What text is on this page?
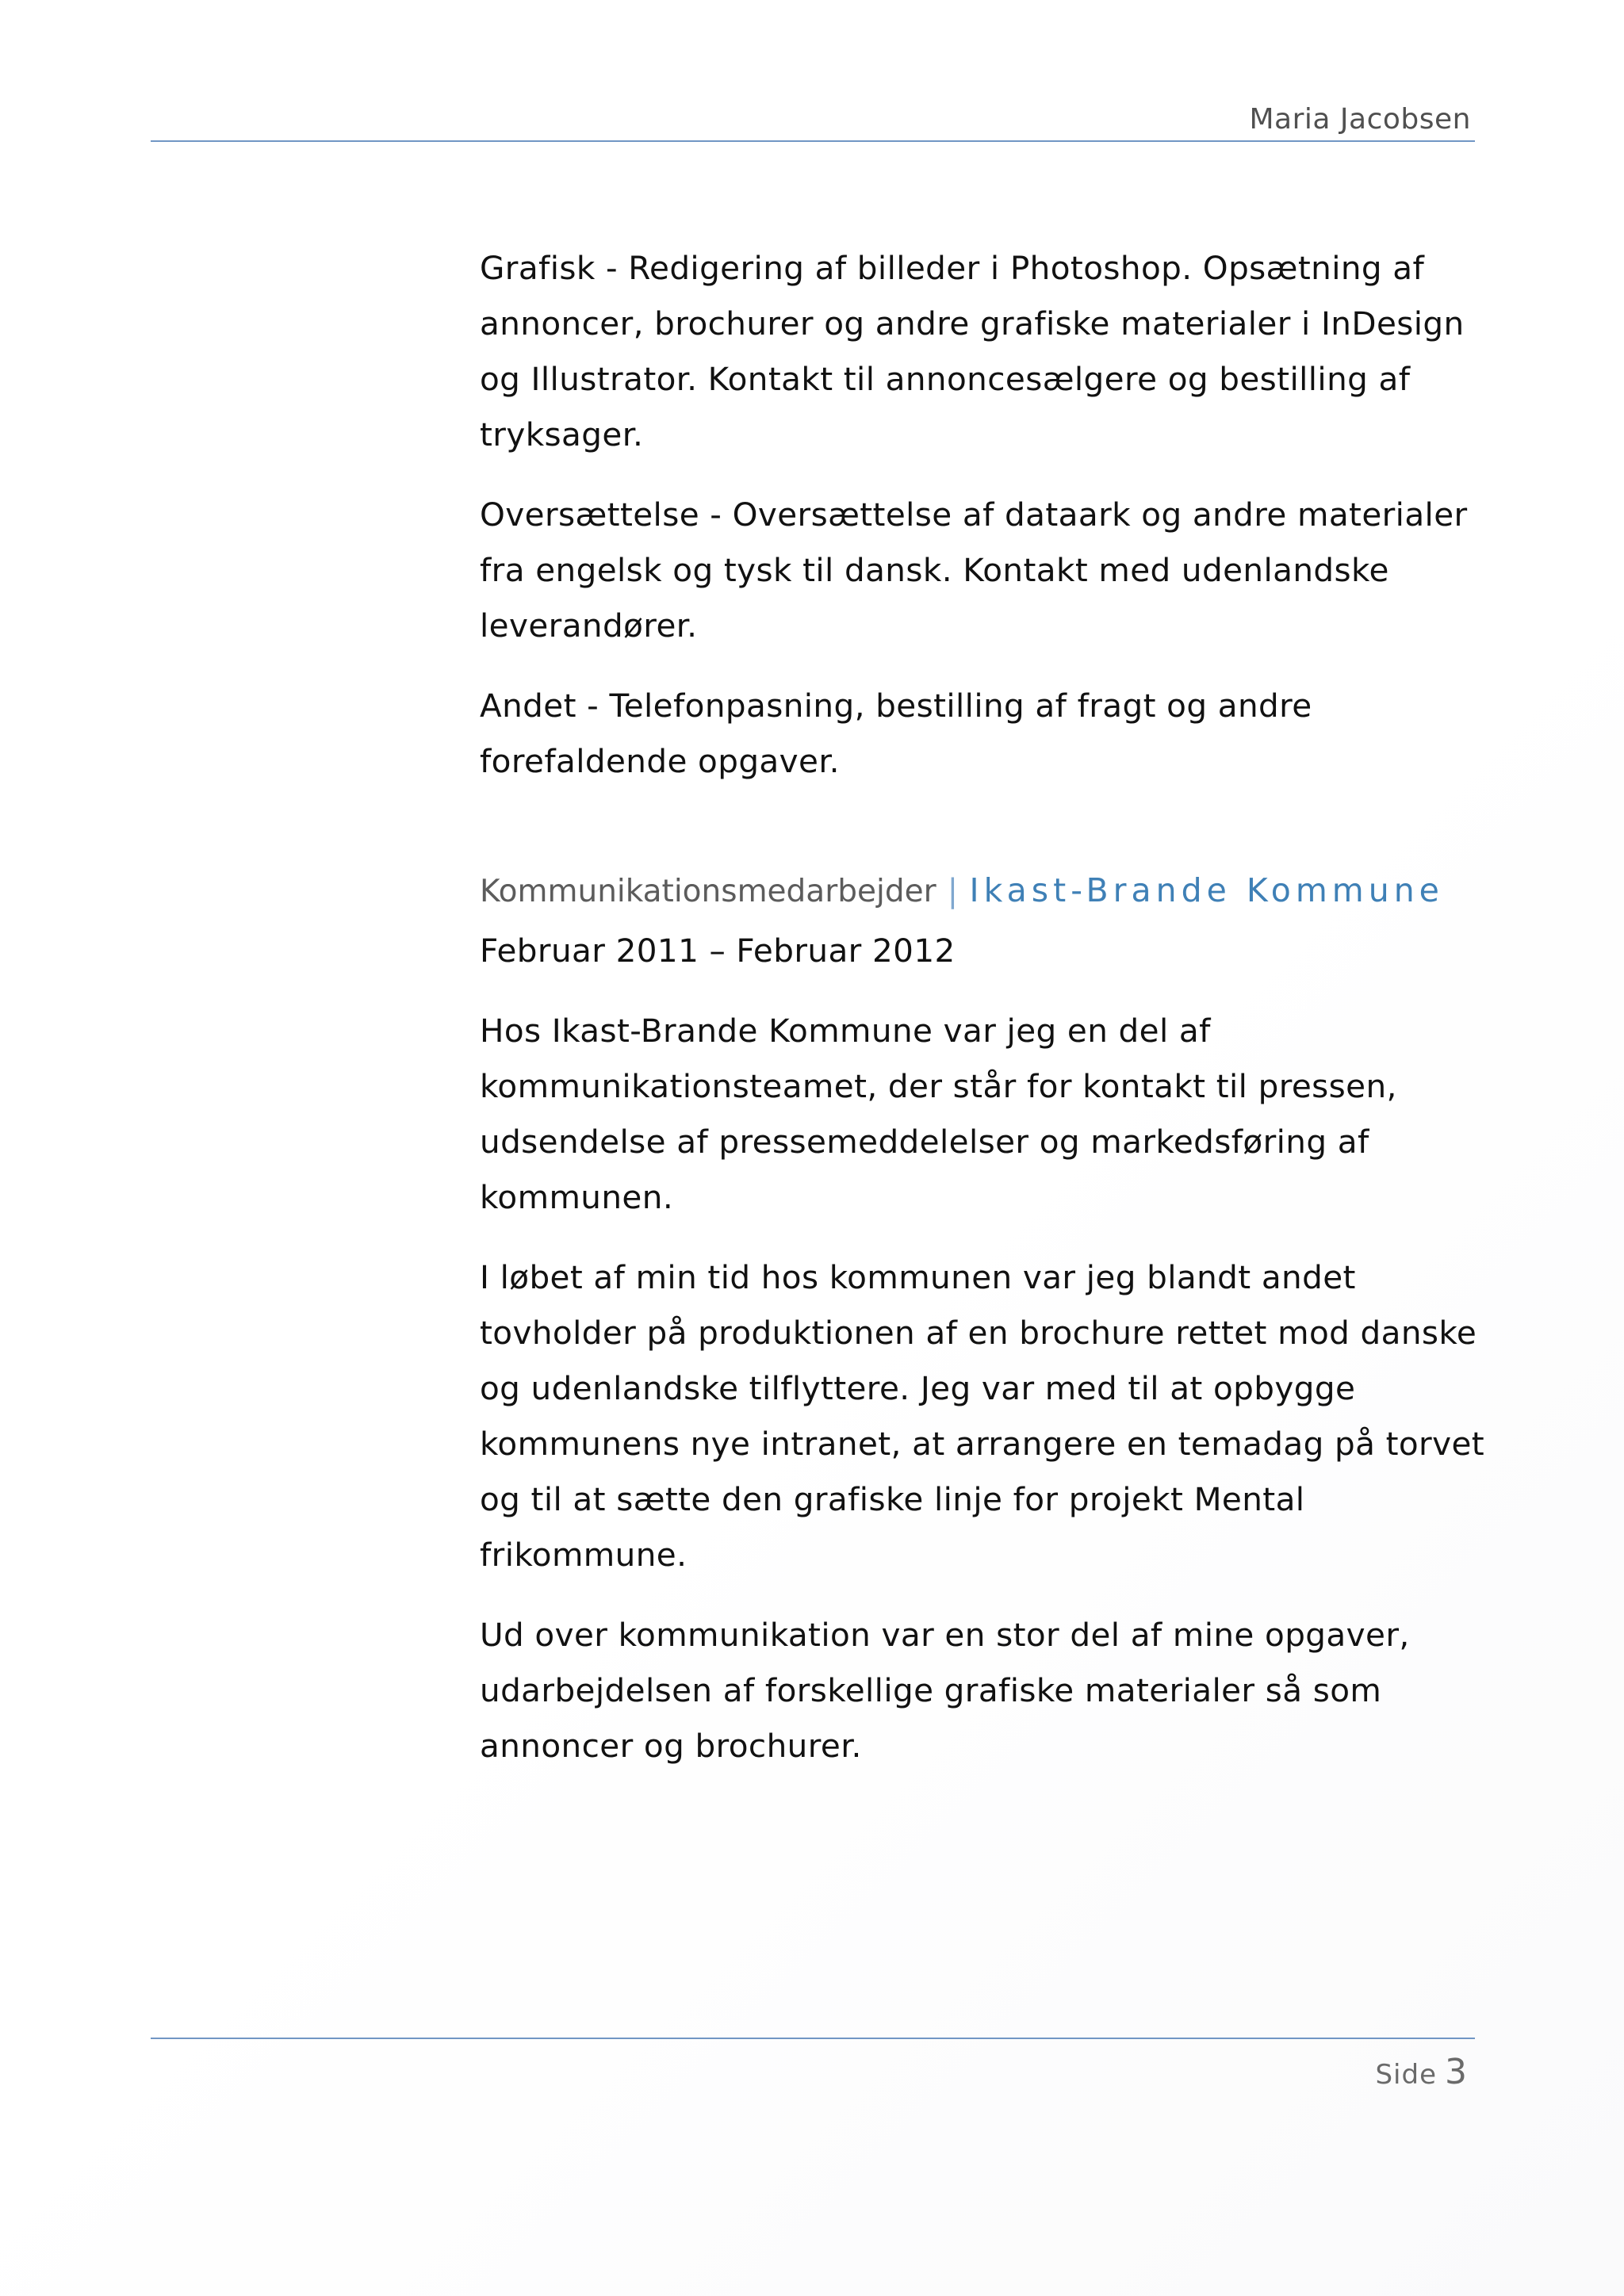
Maria Jacobsen

Grafisk - Redigering af billeder i Photoshop. Opsætning af annoncer, brochurer og andre grafiske materialer i InDesign og Illustrator. Kontakt til annoncesælgere og bestilling af tryksager.

Oversættelse - Oversættelse af dataark og andre materialer fra engelsk og tysk til dansk. Kontakt med udenlandske leverandører.

Andet - Telefonpasning, bestilling af fragt og andre forefaldende opgaver.

Kommunikationsmedarbejder | Ikast-Brande Kommune
Februar 2011 – Februar 2012

Hos Ikast-Brande Kommune var jeg en del af kommunikationsteamet, der står for kontakt til pressen, udsendelse af pressemeddelelser og markedsføring af kommunen.

I løbet af min tid hos kommunen var jeg blandt andet tovholder på produktionen af en brochure rettet mod danske og udenlandske tilflyttere. Jeg var med til at opbygge kommunens nye intranet, at arrangere en temadag på torvet og til at sætte den grafiske linje for projekt Mental frikommune.

Ud over kommunikation var en stor del af mine opgaver, udarbejdelsen af forskellige grafiske materialer så som annoncer og brochurer.

Side 3
